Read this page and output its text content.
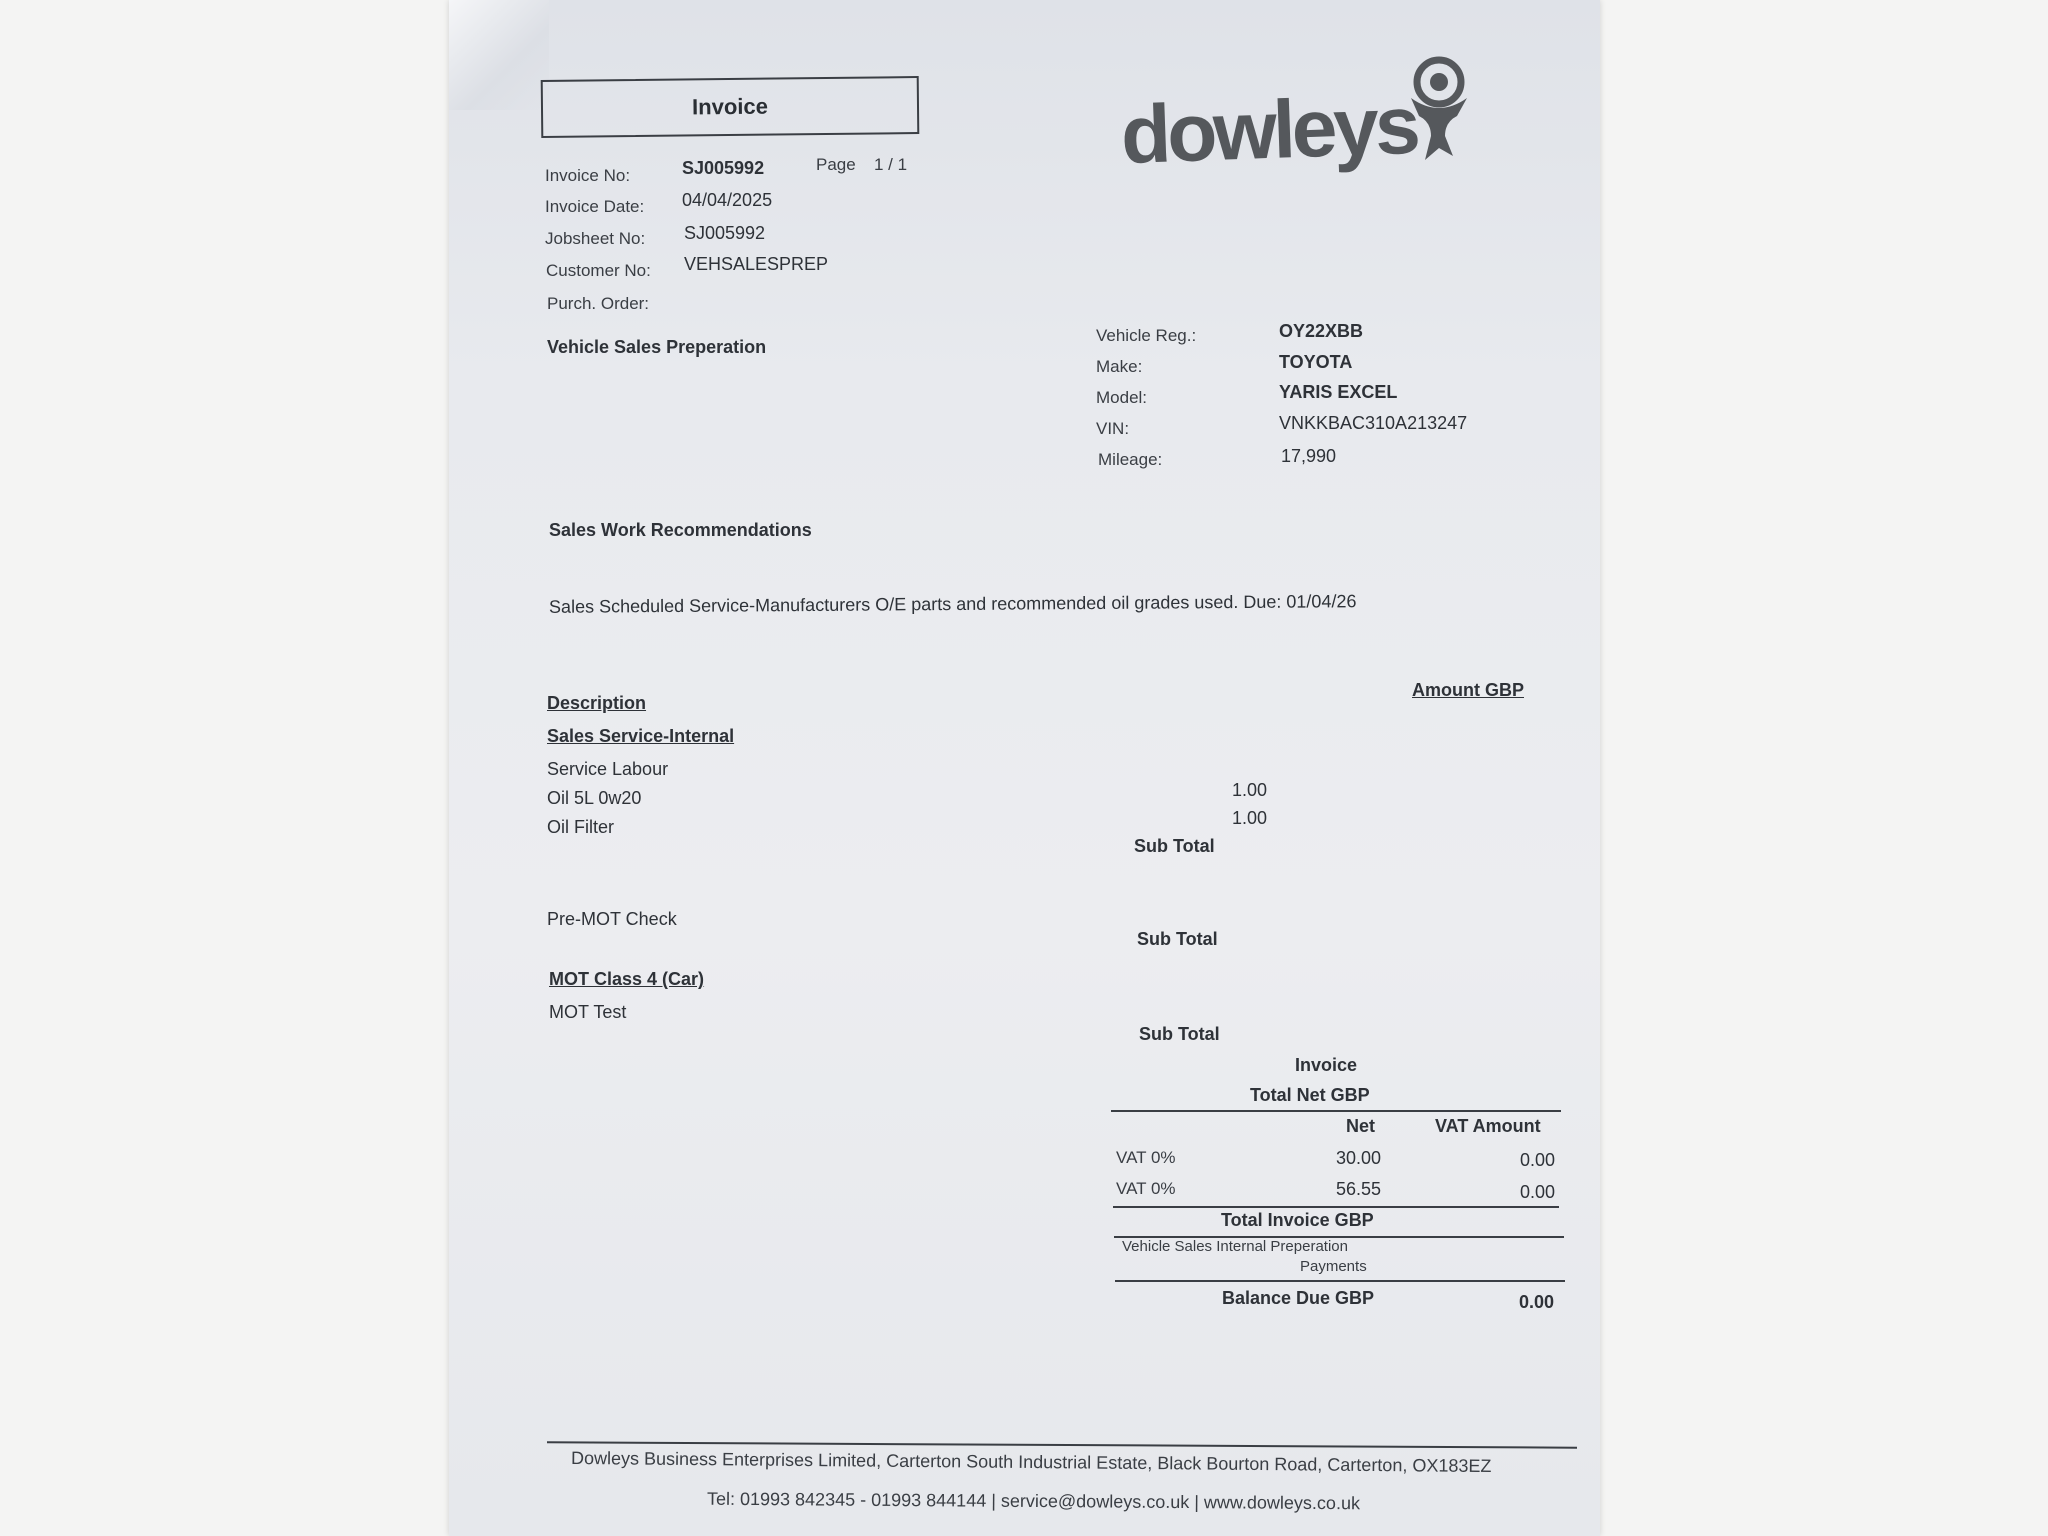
Invoice	dowleys
Invoice No:	SJ005992	Page 1 / 1
Invoice Date: 04/04/2025
Jobsheet No: SJ005992
Customer No: VEHSALESPREP
Purch. Order:
Vehicle Sales Preperation
Vehicle Reg.:	OY22XBB
Make:	TOYOTA
Model:	YARIS EXCEL
VIN:	VNKKBAC310A213247
Mileage:	17,990
Sales Work Recommendations
Sales Scheduled Service-Manufacturers O/E parts and recommended oil grades used. Due: 01/04/26
Description
Amount GBP
Sales Service-Internal
Service Labour
Oil 5L 0w20	1.00
Oil Filter	1.00
Sub Total
Pre-MOT Check
Sub Total
MOT Class 4 (Car)
MOT Test
Sub Total
Invoice
Total Net GBP
Net	VAT Amount
VAT 0%	30.00	0.00
VAT 0%	56.55	0.00
Total Invoice GBP
Vehicle Sales Internal Preperation
Payments
Balance Due GBP	0.00
Dowleys Business Enterprises Limited, Carterton South Industrial Estate, Black Bourton Road, Carterton, OX183EZ
Tel: 01993 842345 - 01993 844144 | service@dowleys.co.uk | www.dowleys.co.uk
